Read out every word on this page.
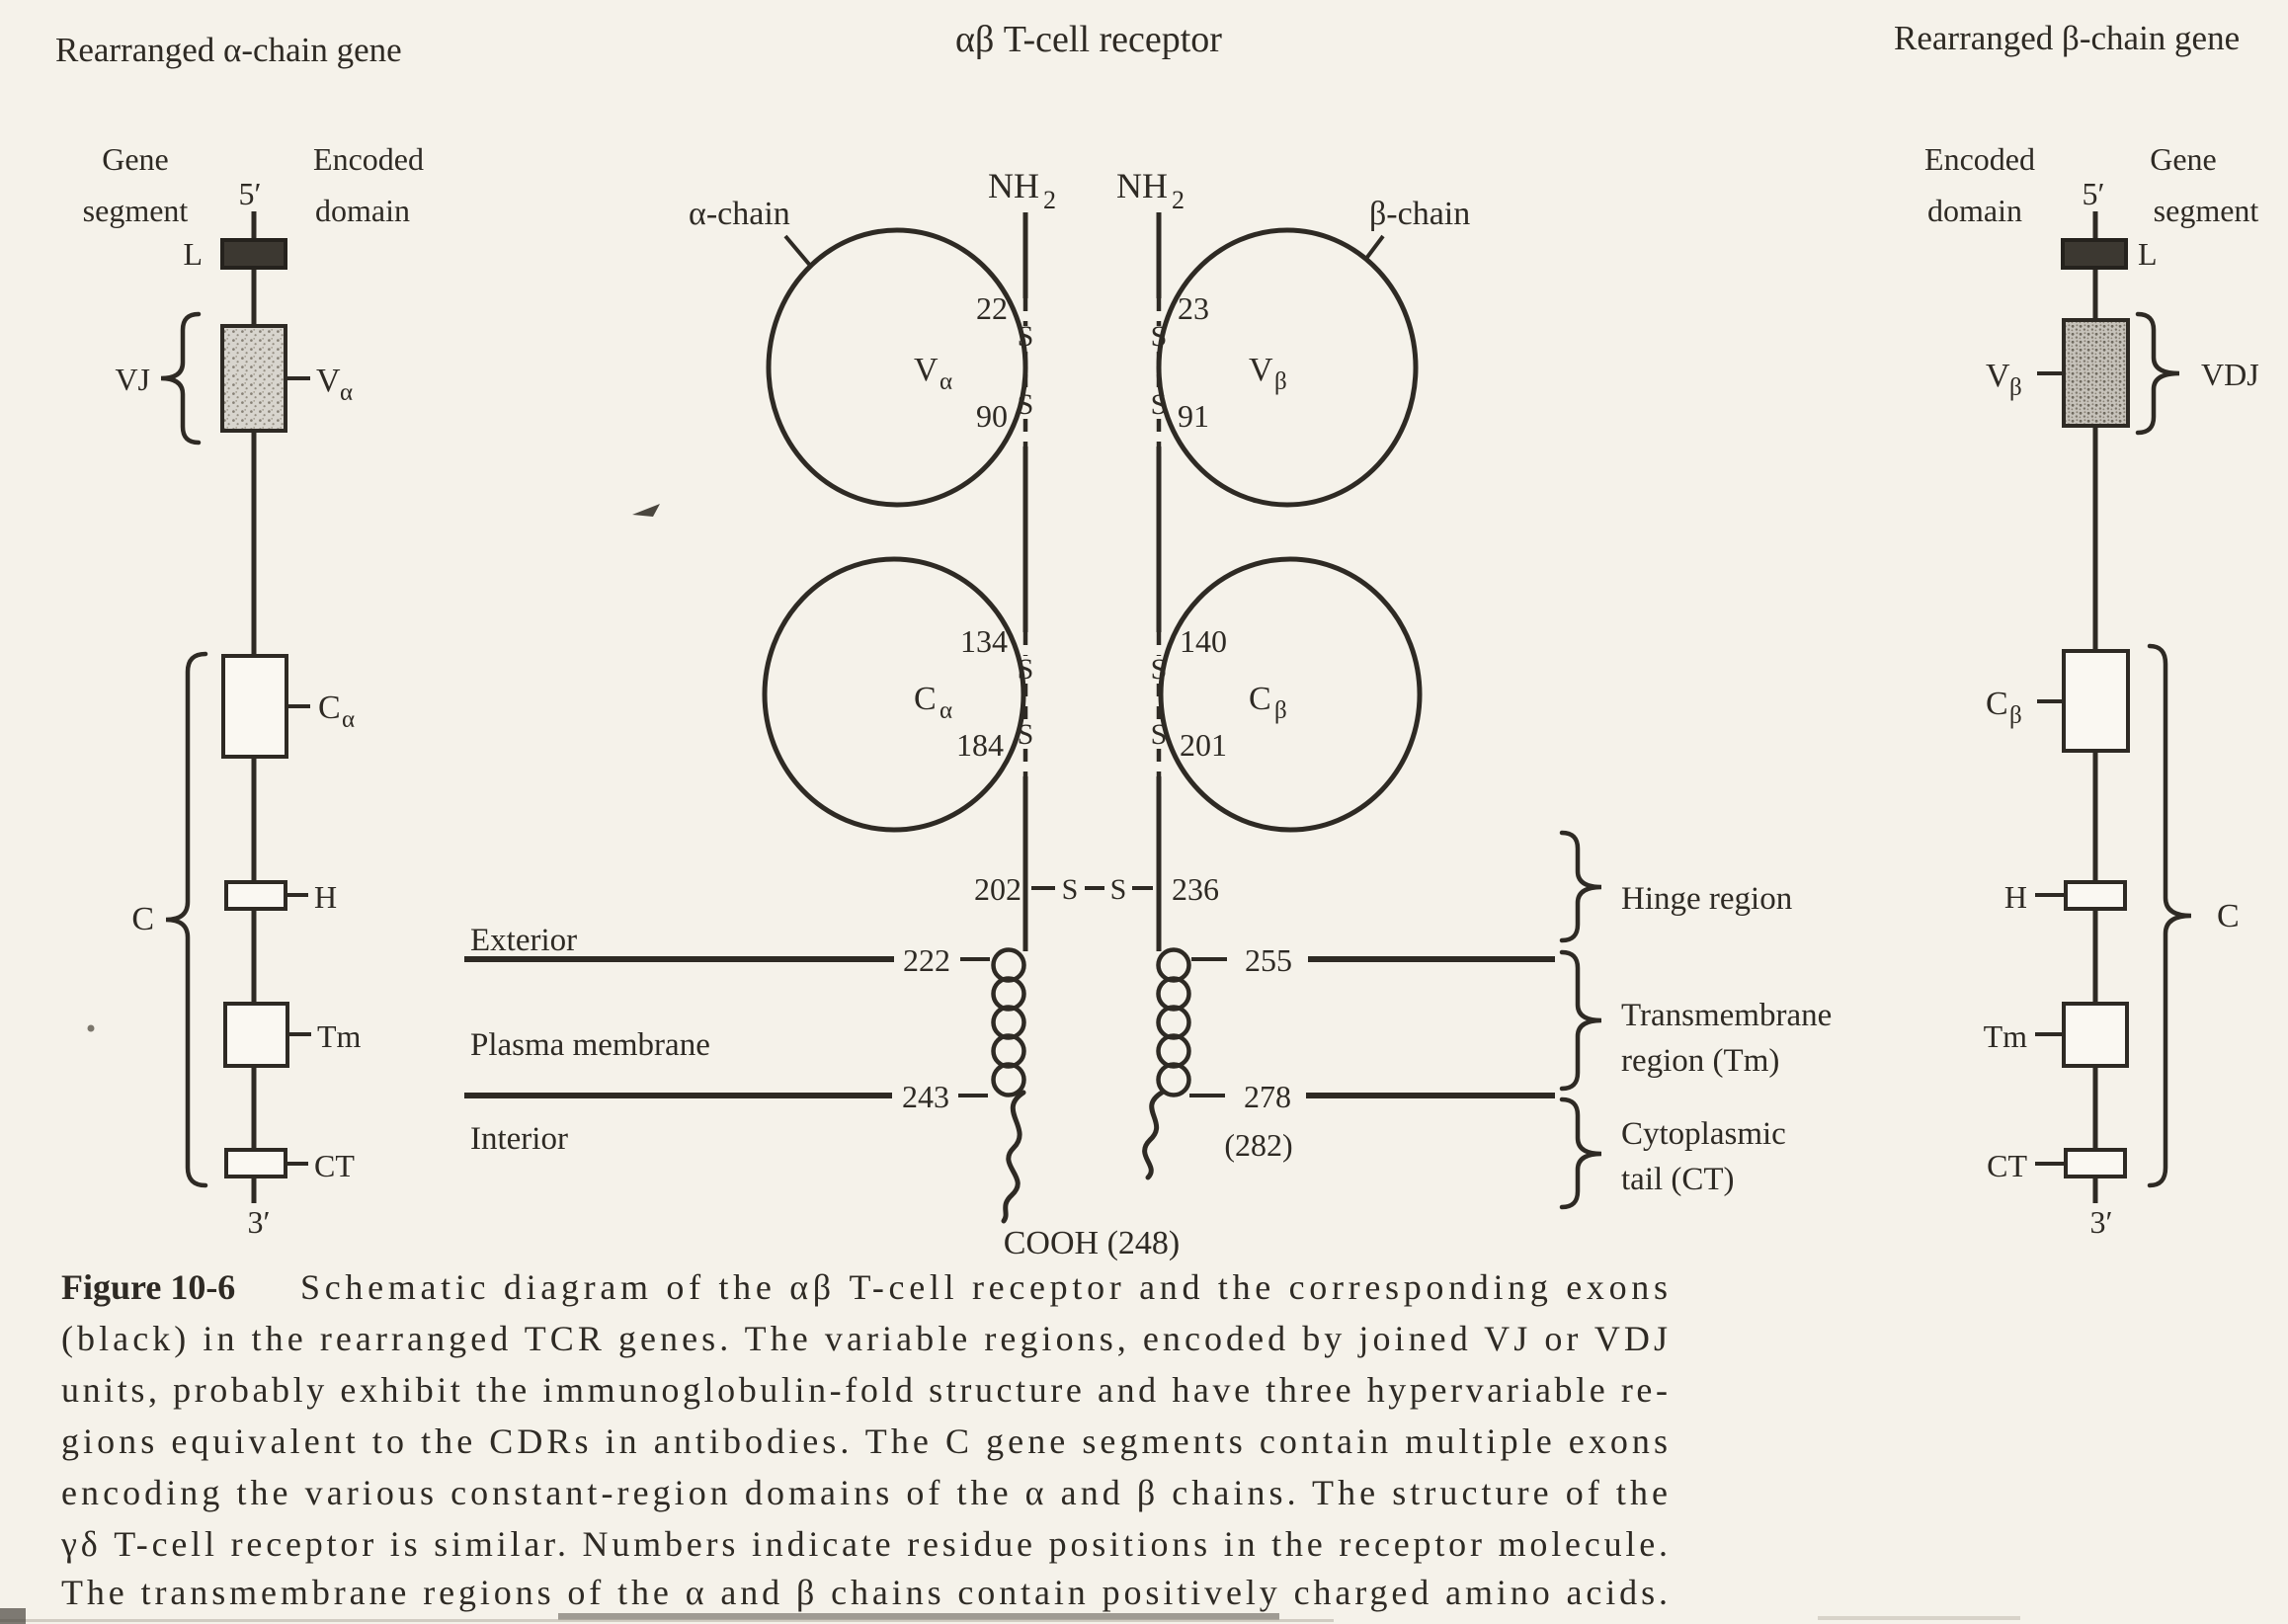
Rearranged α-chain gene
Gene
segment 5′
Encoded
domain
L
VJ	V α
C α
H
Tm
CT
C
3′
αβ T-cell receptor
NH 2 NH 2
α-chain	β-chain
S
S
S
S
S
S
S
S
22
90
23
91
134
184
140
201
V α	V β
C α	C β
202 S S 236
Exterior
222	255
Plasma membrane
243	278
Interior	(282)
COOH (248)
Hinge region
Transmembrane
region (Tm)
Cytoplasmic
tail (CT)
Rearranged β-chain gene
Encoded
domain 5′
Gene
segment
L
V β	VDJ
C β
H
Tm
CT
C
3′
Figure 10-6 Schematic diagram of the αβ T-cell receptor and the corresponding exons
(black) in the rearranged TCR genes. The variable regions, encoded by joined VJ or VDJ
units, probably exhibit the immunoglobulin-fold structure and have three hypervariable re-
gions equivalent to the CDRs in antibodies. The C gene segments contain multiple exons
encoding the various constant-region domains of the α and β chains. The structure of the
γδ T-cell receptor is similar. Numbers indicate residue positions in the receptor molecule.
The transmembrane regions of the α and β chains contain positively charged amino acids.
